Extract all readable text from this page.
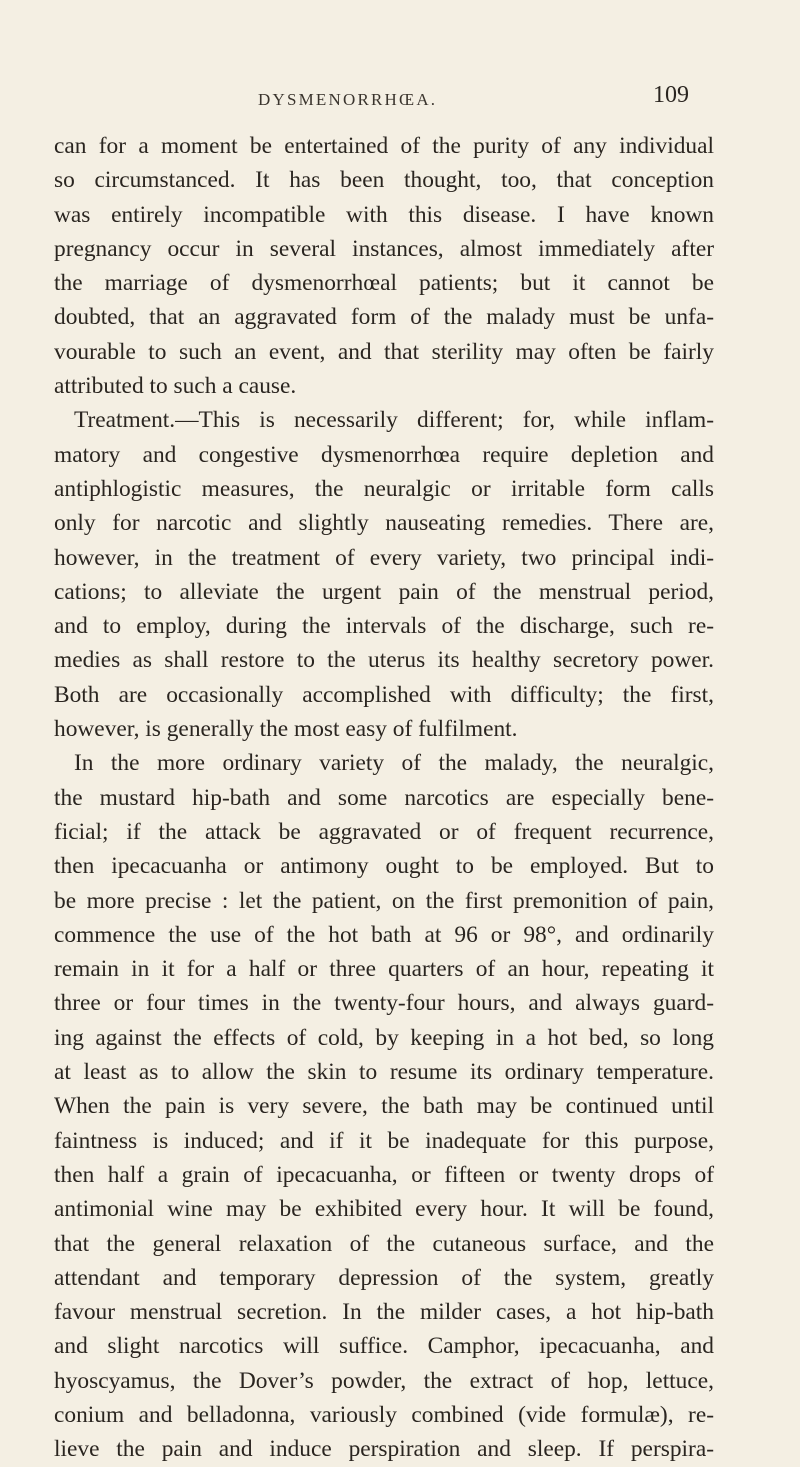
DYSMENORRHŒA.	109
can for a moment be entertained of the purity of any individual
so circumstanced. It has been thought, too, that conception
was entirely incompatible with this disease. I have known
pregnancy occur in several instances, almost immediately after
the marriage of dysmenorrhœal patients; but it cannot be
doubted, that an aggravated form of the malady must be unfa-
vourable to such an event, and that sterility may often be fairly
attributed to such a cause.
Treatment.—This is necessarily different; for, while inflam-
matory and congestive dysmenorrhœa require depletion and
antiphlogistic measures, the neuralgic or irritable form calls
only for narcotic and slightly nauseating remedies. There are,
however, in the treatment of every variety, two principal indi-
cations; to alleviate the urgent pain of the menstrual period,
and to employ, during the intervals of the discharge, such re-
medies as shall restore to the uterus its healthy secretory power.
Both are occasionally accomplished with difficulty; the first,
however, is generally the most easy of fulfilment.
In the more ordinary variety of the malady, the neuralgic,
the mustard hip-bath and some narcotics are especially bene-
ficial; if the attack be aggravated or of frequent recurrence,
then ipecacuanha or antimony ought to be employed. But to
be more precise : let the patient, on the first premonition of pain,
commence the use of the hot bath at 96 or 98°, and ordinarily
remain in it for a half or three quarters of an hour, repeating it
three or four times in the twenty-four hours, and always guard-
ing against the effects of cold, by keeping in a hot bed, so long
at least as to allow the skin to resume its ordinary temperature.
When the pain is very severe, the bath may be continued until
faintness is induced; and if it be inadequate for this purpose,
then half a grain of ipecacuanha, or fifteen or twenty drops of
antimonial wine may be exhibited every hour. It will be found,
that the general relaxation of the cutaneous surface, and the
attendant and temporary depression of the system, greatly
favour menstrual secretion. In the milder cases, a hot hip-bath
and slight narcotics will suffice. Camphor, ipecacuanha, and
hyoscyamus, the Dover’s powder, the extract of hop, lettuce,
conium and belladonna, variously combined (vide formulæ), re-
lieve the pain and induce perspiration and sleep. If perspira-
